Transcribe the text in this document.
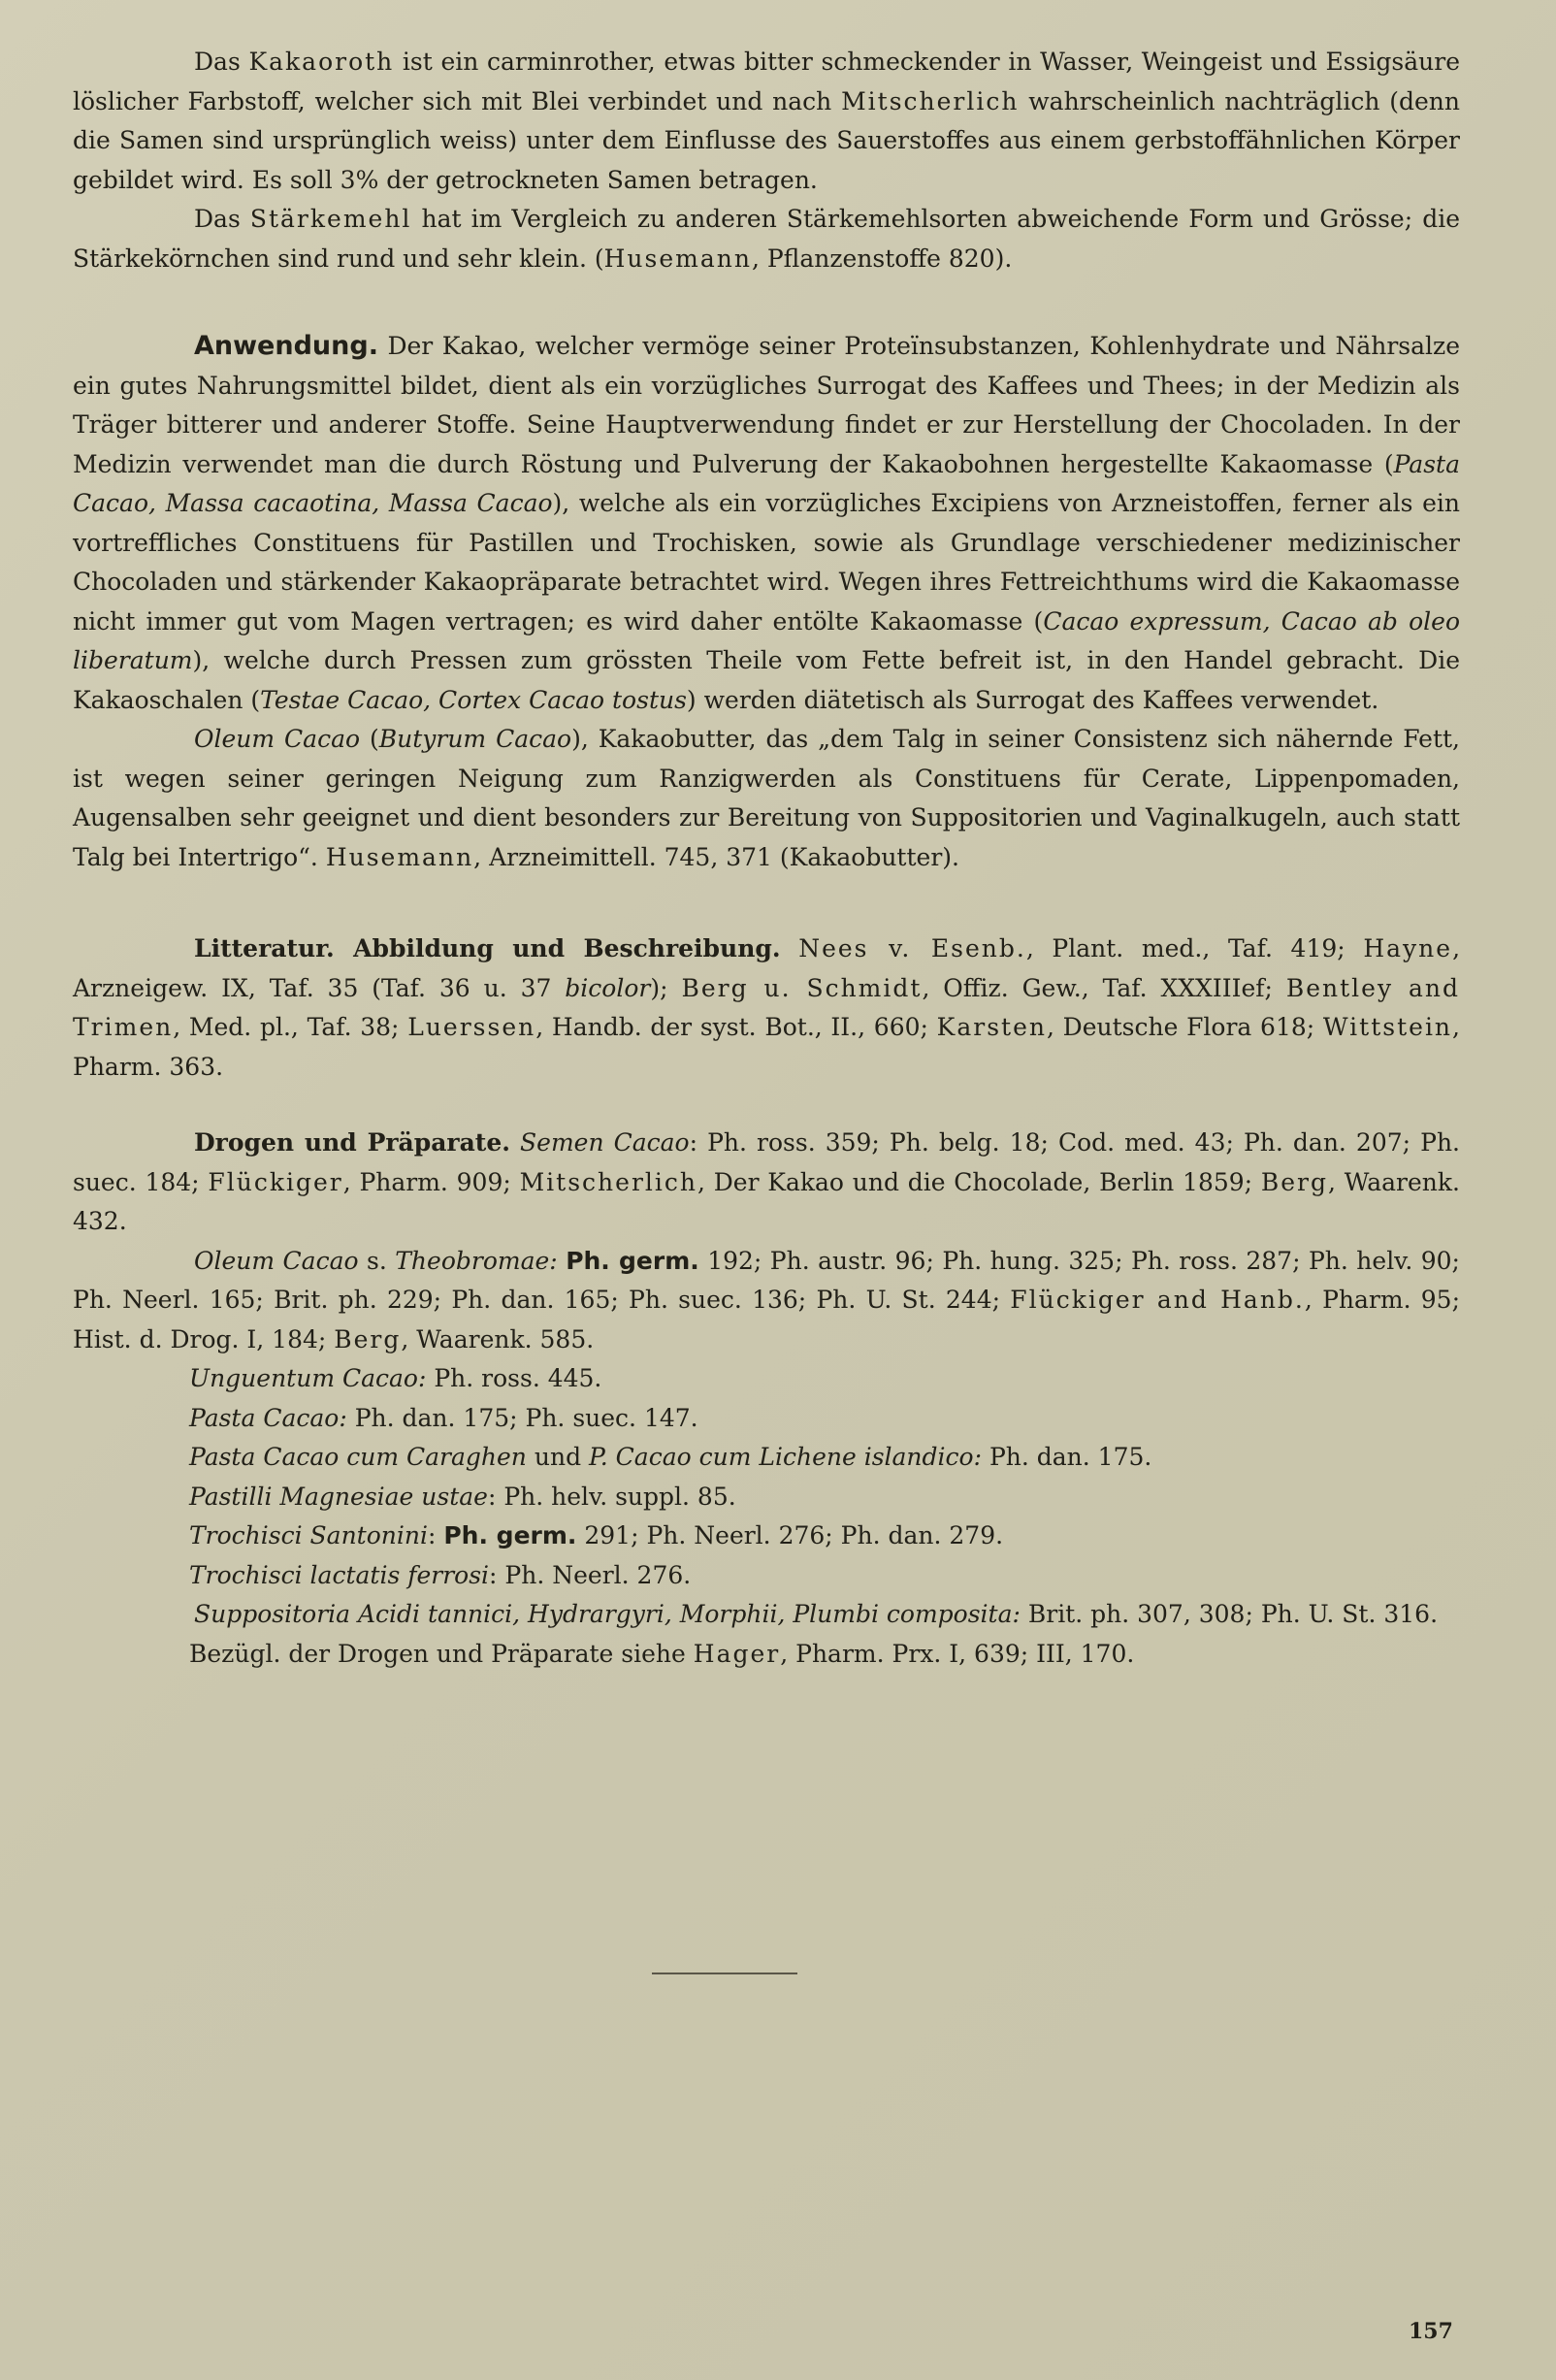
Das Kakaoroth ist ein carminrother, etwas bitter schmeckender in Wasser, Weingeist und Essigsäure löslicher Farbstoff, welcher sich mit Blei verbindet und nach Mitscherlich wahrscheinlich nachträglich (denn die Samen sind ursprünglich weiss) unter dem Einflusse des Sauerstoffes aus einem gerbstoffähnlichen Körper gebildet wird. Es soll 3% der getrockneten Samen betragen.

Das Stärkemehl hat im Vergleich zu anderen Stärkemehlsorten abweichende Form und Grösse; die Stärkekörnchen sind rund und sehr klein. (Husemann, Pflanzenstoffe 820).

Anwendung. Der Kakao, welcher vermöge seiner Proteïnsubstanzen, Kohlenhydrate und Nährsalze ein gutes Nahrungsmittel bildet, dient als ein vorzügliches Surrogat des Kaffees und Thees; in der Medizin als Träger bitterer und anderer Stoffe. Seine Hauptverwendung findet er zur Herstellung der Chocoladen. In der Medizin verwendet man die durch Röstung und Pulverung der Kakaobohnen hergestellte Kakaomasse (Pasta Cacao, Massa cacaotina, Massa Cacao), welche als ein vorzügliches Excipiens von Arzneistoffen, ferner als ein vortreffliches Constituens für Pastillen und Trochisken, sowie als Grundlage verschiedener medizinischer Chocoladen und stärkender Kakaopräparate betrachtet wird. Wegen ihres Fettreichthums wird die Kakaomasse nicht immer gut vom Magen vertragen; es wird daher entölte Kakaomasse (Cacao expressum, Cacao ab oleo liberatum), welche durch Pressen zum grössten Theile vom Fette befreit ist, in den Handel gebracht. Die Kakaoschalen (Testae Cacao, Cortex Cacao tostus) werden diätetisch als Surrogat des Kaffees verwendet.

Oleum Cacao (Butyrum Cacao), Kakaobutter, das „dem Talg in seiner Consistenz sich nähernde Fett, ist wegen seiner geringen Neigung zum Ranzigwerden als Constituens für Cerate, Lippenpomaden, Augensalben sehr geeignet und dient besonders zur Bereitung von Suppositorien und Vaginalkugeln, auch statt Talg bei Intertrigo“. Husemann, Arzneimittell. 745, 371 (Kakaobutter).

Litteratur. Abbildung und Beschreibung. Nees v. Esenb., Plant. med., Taf. 419; Hayne, Arzneigew. IX, Taf. 35 (Taf. 36 u. 37 bicolor); Berg u. Schmidt, Offiz. Gew., Taf. XXXIIIef; Bentley and Trimen, Med. pl., Taf. 38; Luerssen, Handb. der syst. Bot., II., 660; Karsten, Deutsche Flora 618; Wittstein, Pharm. 363.

Drogen und Präparate. Semen Cacao: Ph. ross. 359; Ph. belg. 18; Cod. med. 43; Ph. dan. 207; Ph. suec. 184; Flückiger, Pharm. 909; Mitscherlich, Der Kakao und die Chocolade, Berlin 1859; Berg, Waarenk. 432.

Oleum Cacao s. Theobromae: Ph. germ. 192; Ph. austr. 96; Ph. hung. 325; Ph. ross. 287; Ph. helv. 90; Ph. Neerl. 165; Brit. ph. 229; Ph. dan. 165; Ph. suec. 136; Ph. U. St. 244; Flückiger and Hanb., Pharm. 95; Hist. d. Drog. I, 184; Berg, Waarenk. 585.

Unguentum Cacao: Ph. ross. 445.

Pasta Cacao: Ph. dan. 175; Ph. suec. 147.

Pasta Cacao cum Caraghen und P. Cacao cum Lichene islandico: Ph. dan. 175.

Pastilli Magnesiae ustae: Ph. helv. suppl. 85.

Trochisci Santonini: Ph. germ. 291; Ph. Neerl. 276; Ph. dan. 279.

Trochisci lactatis ferrosi: Ph. Neerl. 276.

Suppositoria Acidi tannici, Hydrargyri, Morphii, Plumbi composita: Brit. ph. 307, 308; Ph. U. St. 316.

Bezügl. der Drogen und Präparate siehe Hager, Pharm. Prx. I, 639; III, 170.

157
